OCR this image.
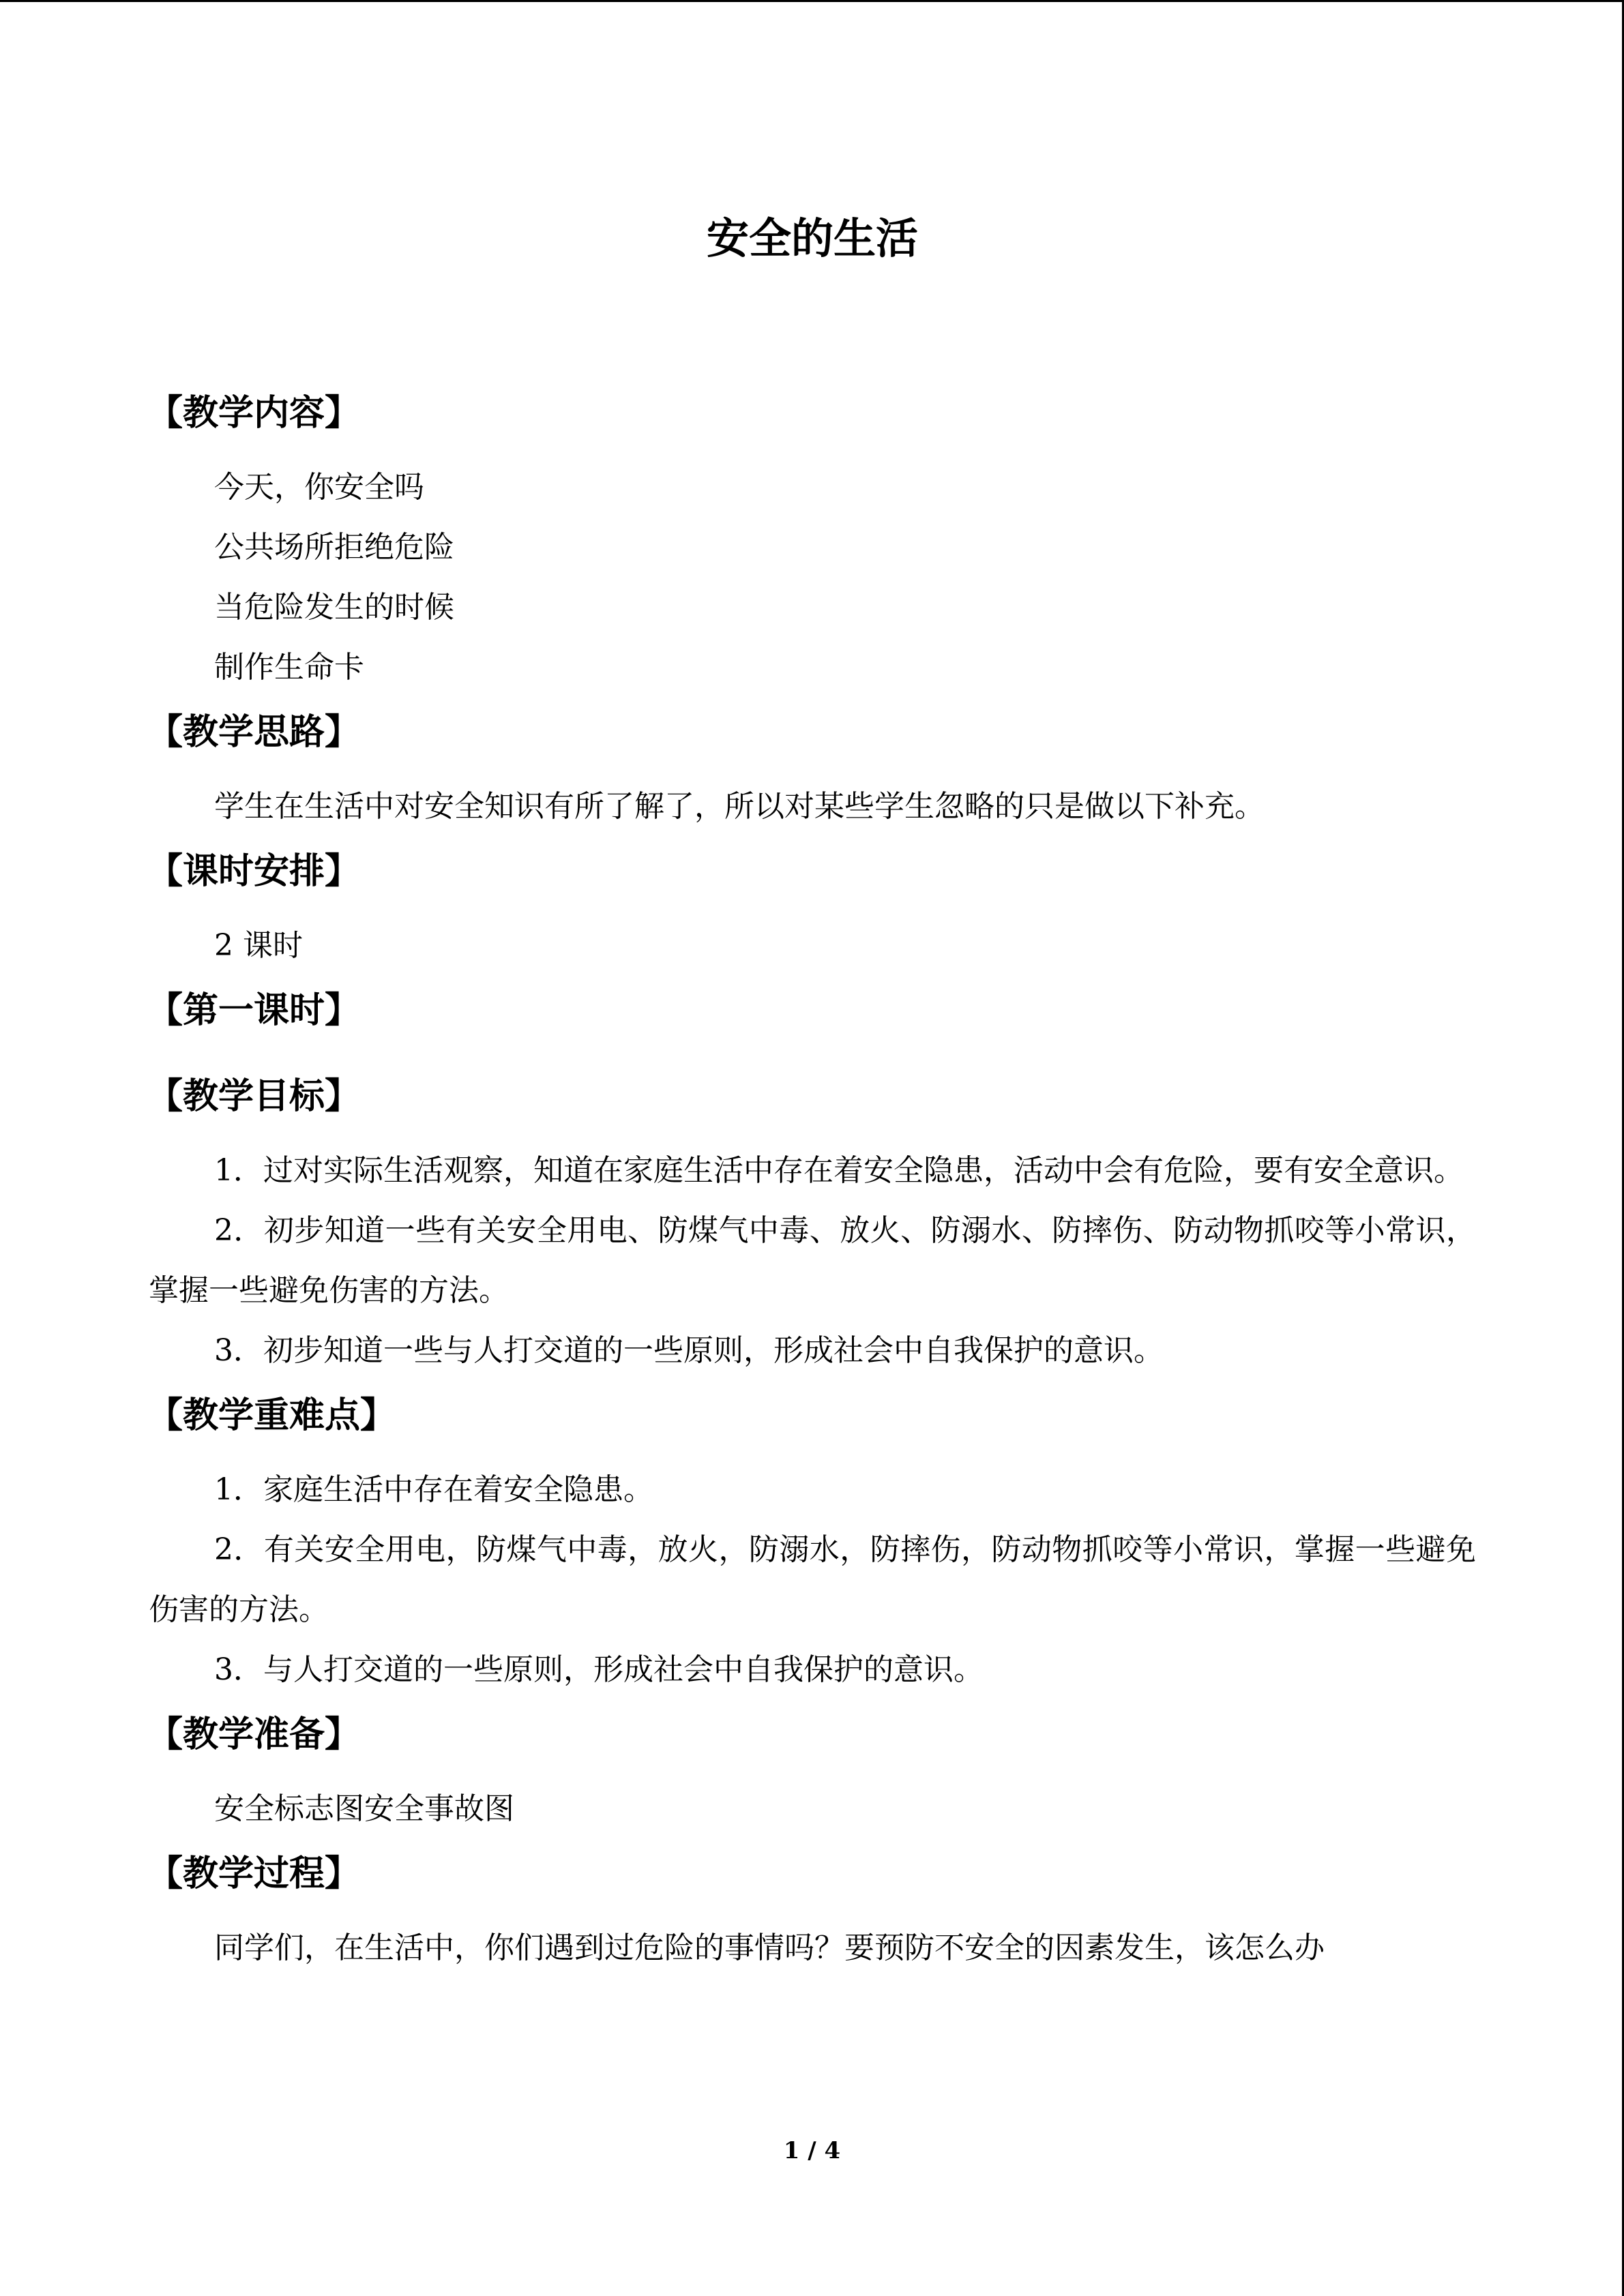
安全的生活
【教学内容】

今天，你安全吗

公共场所拒绝危险

当危险发生的时候

制作生命卡

【教学思路】

学生在生活中对安全知识有所了解了，所以对某些学生忽略的只是做以下补充。

【课时安排】

2 课时

【第一课时】
【教学目标】

1．过对实际生活观察，知道在家庭生活中存在着安全隐患，活动中会有危险，要有安全意识。

2．初步知道一些有关安全用电、防煤气中毒、放火、防溺水、防摔伤、防动物抓咬等小常识，掌握一些避免伤害的方法。

3．初步知道一些与人打交道的一些原则，形成社会中自我保护的意识。

【教学重难点】

1．家庭生活中存在着安全隐患。

2．有关安全用电，防煤气中毒，放火，防溺水，防摔伤，防动物抓咬等小常识，掌握一些避免伤害的方法。

3．与人打交道的一些原则，形成社会中自我保护的意识。

【教学准备】

安全标志图安全事故图

【教学过程】

同学们，在生活中，你们遇到过危险的事情吗？要预防不安全的因素发生，该怎么办

1 / 4
